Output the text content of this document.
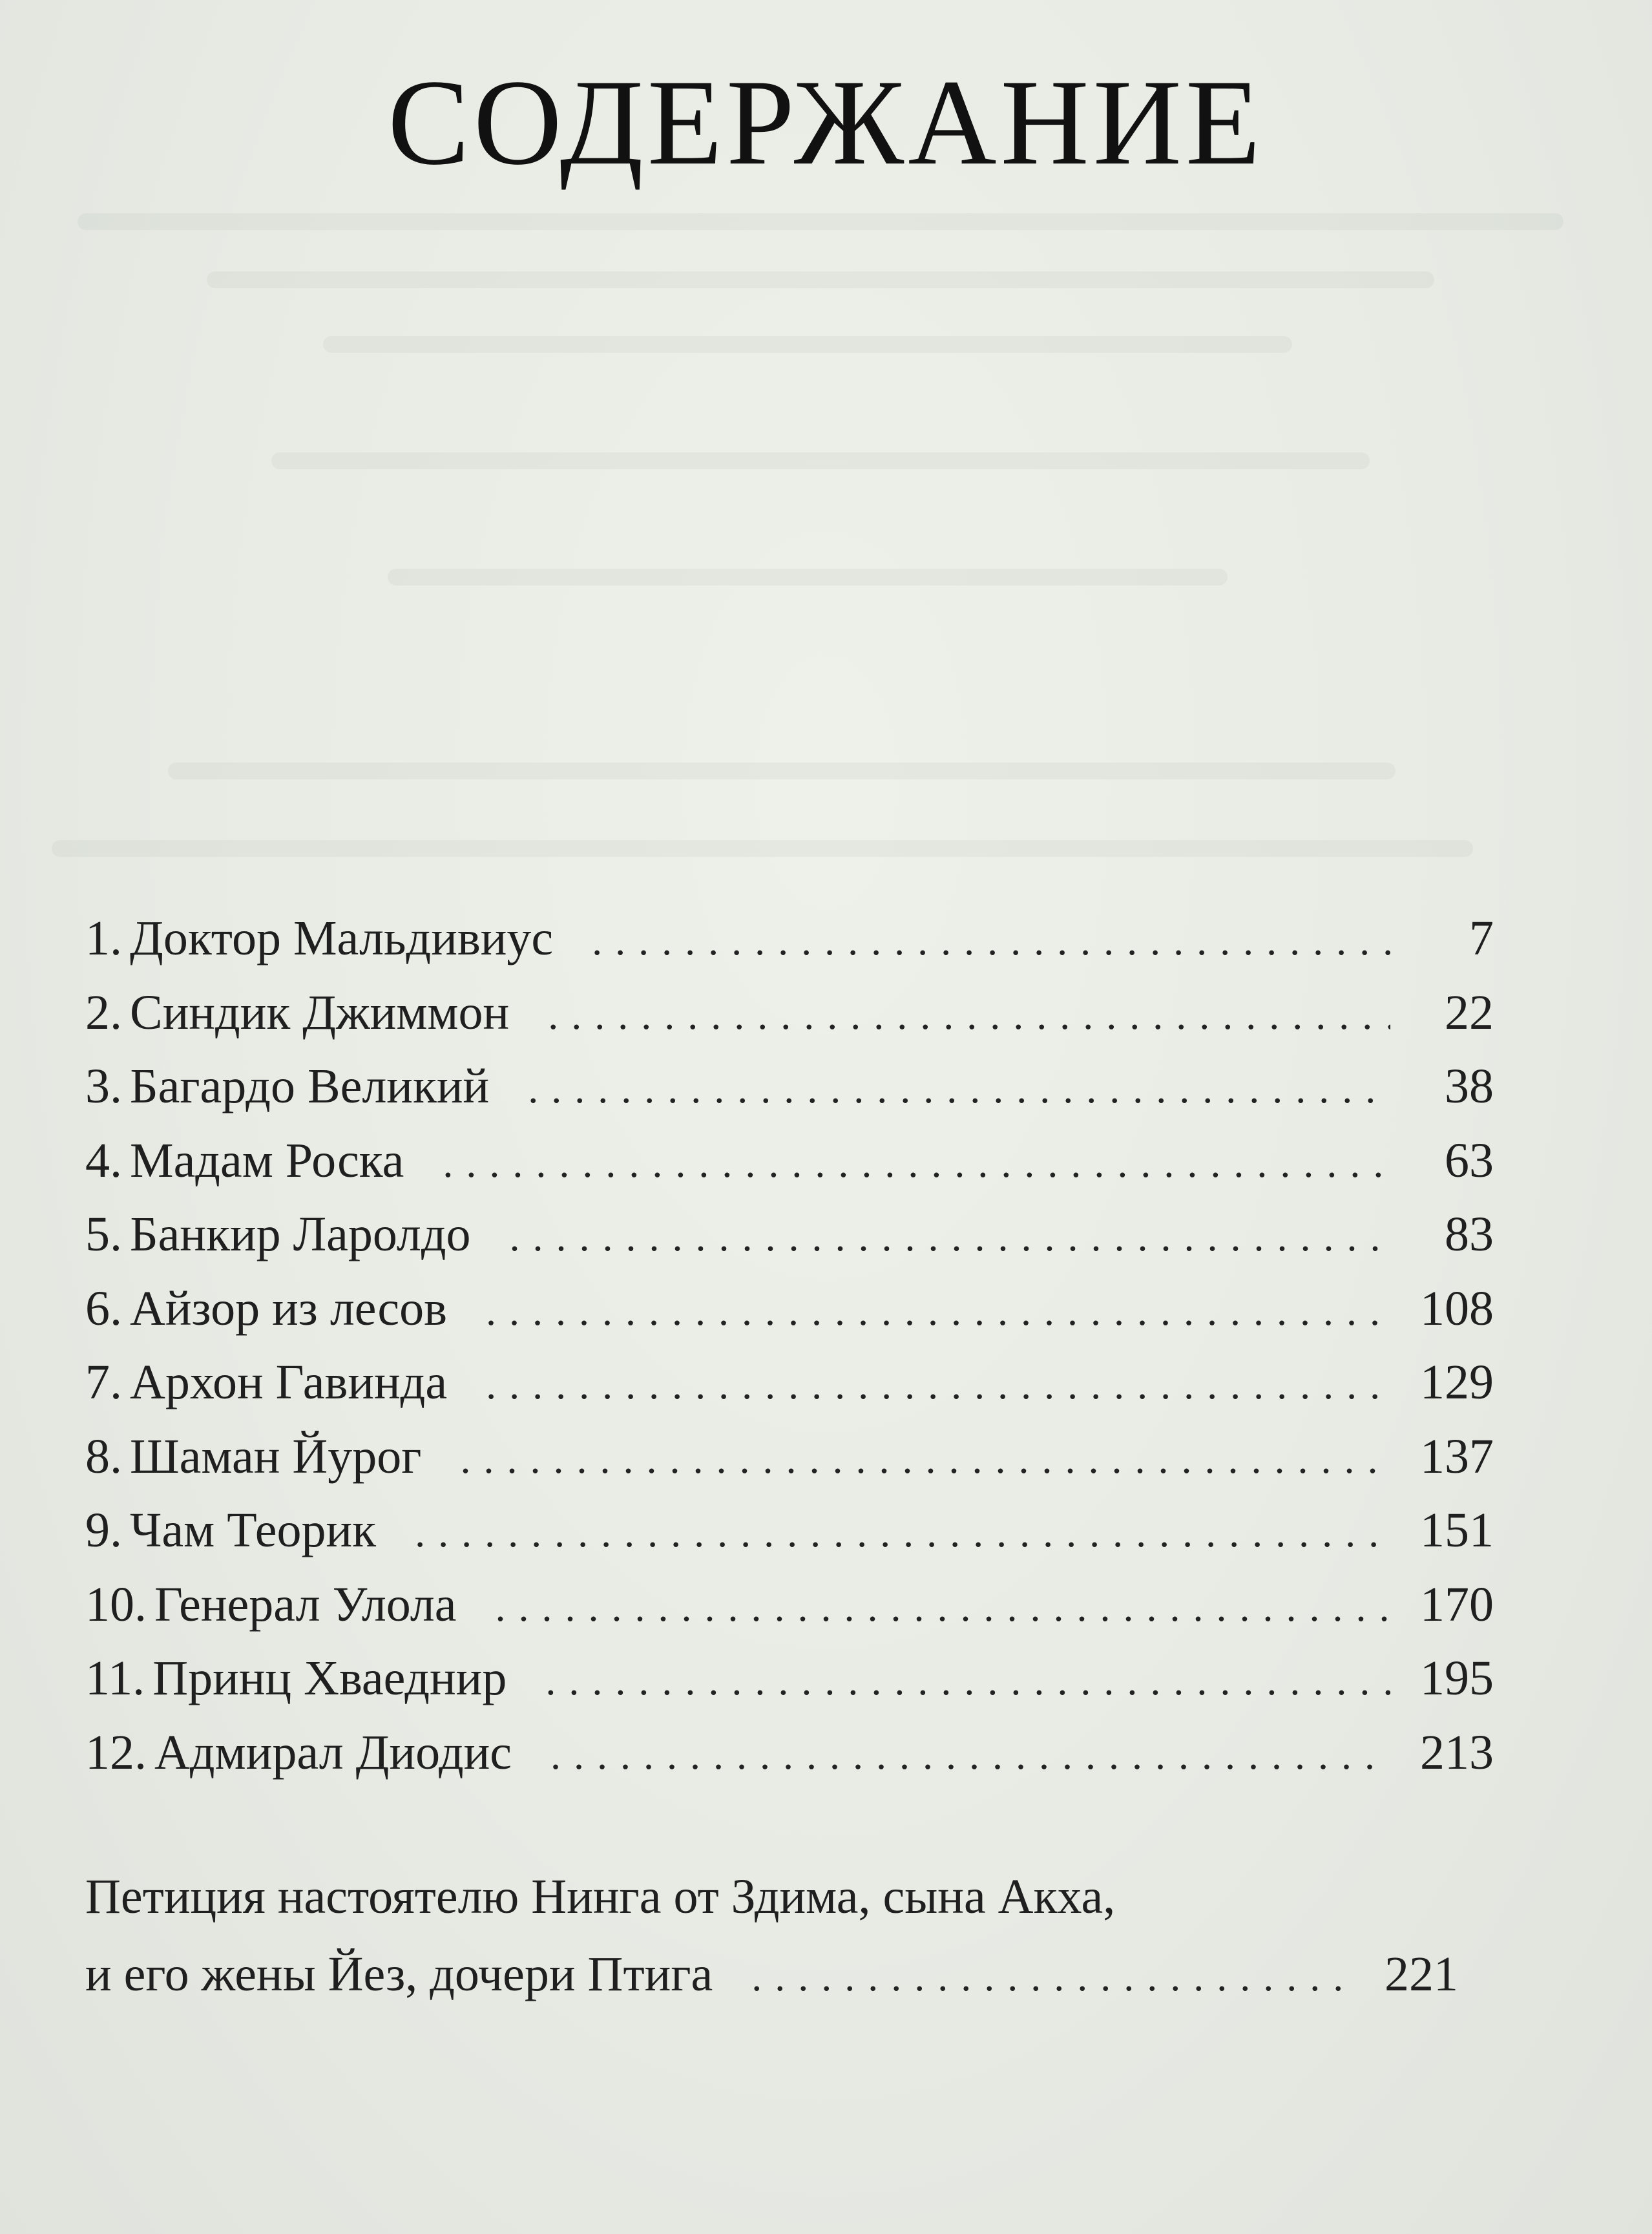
СОДЕРЖАНИЕ
1. Доктор Мальдивиус . . .	7
2. Синдик Джиммон . . .	22
3. Багардо Великий . . .	38
4. Мадам Роска . . .	63
5. Банкир Ларолдо . . .	83
6. Айзор из лесов . . .	108
7. Архон Гавинда . . .	129
8. Шаман Йурог . . .	137
9. Чам Теорик . . .	151
10. Генерал Улола . . .	170
11. Принц Хваеднир . . .	195
12. Адмирал Диодис . . .	213
Петиция настоятелю Нинга от Здима, сына Акха,
и его жены Йез, дочери Птига . . .	221
